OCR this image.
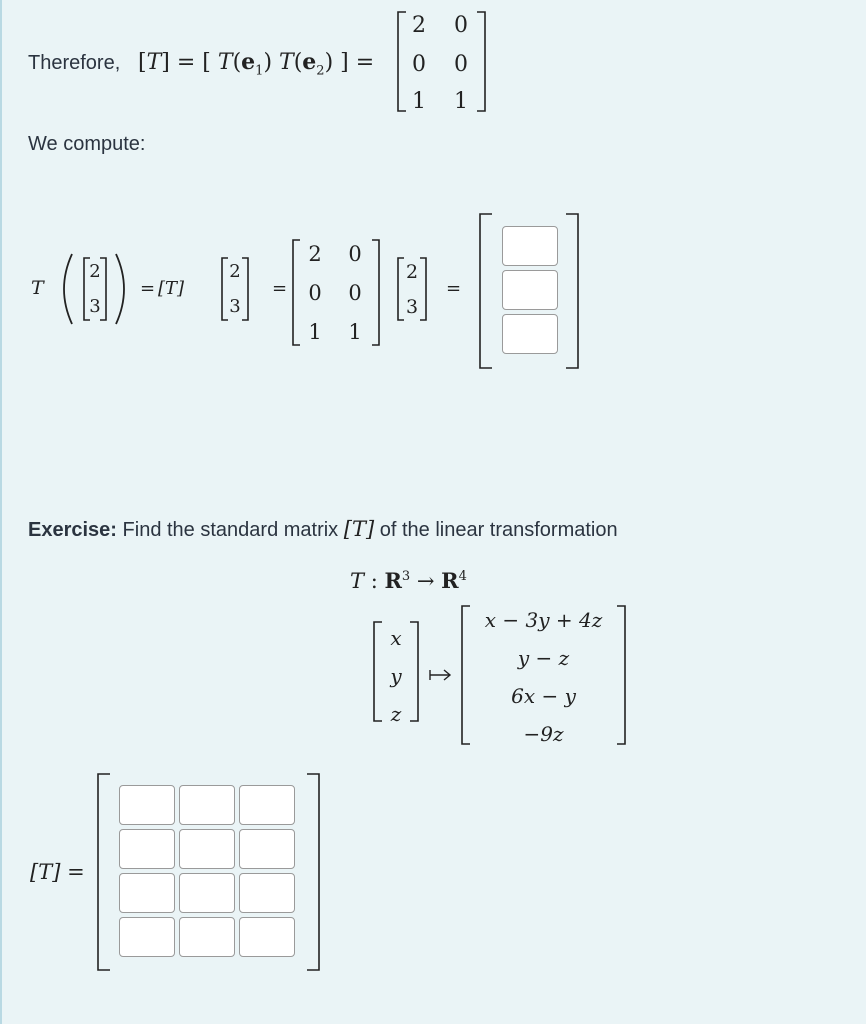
Therefore, [T] = [ $T(e_1)$ $T(e_2)$ ] =
2 0
0 0
1 1
We compute:
T
2
3
= [T]
2
3
=
2 0
0 0
1 1
2
3
=
Exercise: Find the standard matrix [T] of the linear transformation
T : $R^3 \to R^4$
x
y
z
x − 3y + 4z
y − z
6x − y
−9z
[T] =
